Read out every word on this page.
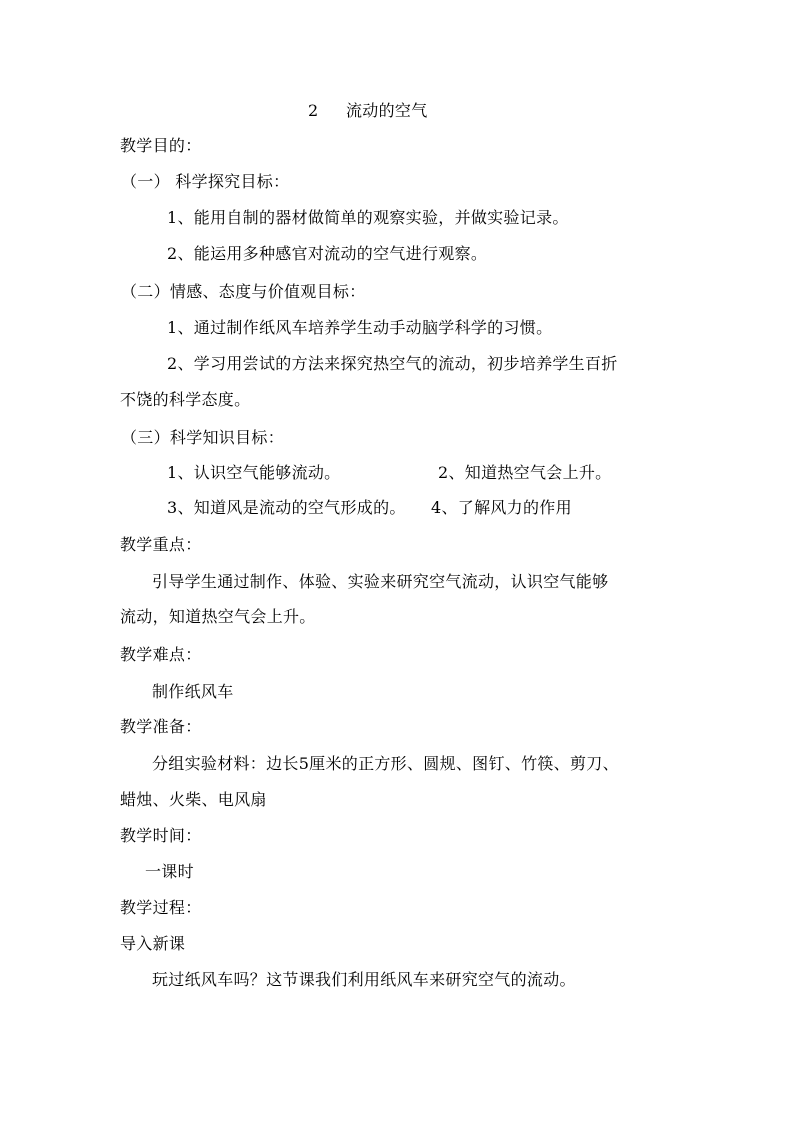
2 流动的空气
教学目的：
（一） 科学探究目标：
1、能用自制的器材做简单的观察实验，并做实验记录。
2、能运用多种感官对流动的空气进行观察。
（二）情感、态度与价值观目标：
1、通过制作纸风车培养学生动手动脑学科学的习惯。
2、学习用尝试的方法来探究热空气的流动，初步培养学生百折
不饶的科学态度。
（三）科学知识目标：
1、认识空气能够流动。	2、知道热空气会上升。
3、知道风是流动的空气形成的。 4、了解风力的作用
教学重点：
引导学生通过制作、体验、实验来研究空气流动，认识空气能够
流动，知道热空气会上升。
教学难点：
制作纸风车
教学准备：
分组实验材料：边长5厘米的正方形、圆规、图钉、竹筷、剪刀、
蜡烛、火柴、电风扇
教学时间：
一课时
教学过程：
导入新课
玩过纸风车吗？这节课我们利用纸风车来研究空气的流动。
